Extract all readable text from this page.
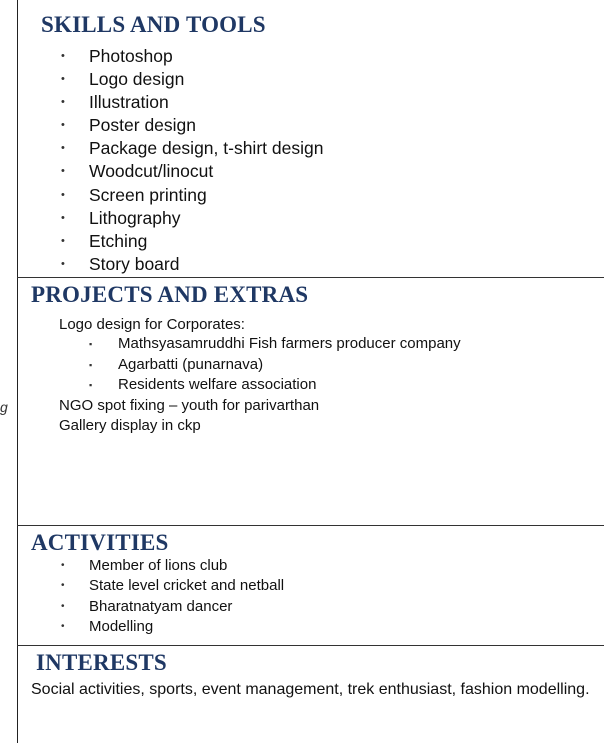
g
SKILLS AND TOOLS
• Photoshop
• Logo design
• Illustration
• Poster design
• Package design, t-shirt design
• Woodcut/linocut
• Screen printing
• Lithography
• Etching
• Story board
PROJECTS AND EXTRAS

Logo design for Corporates:

▪ Mathsyasamruddhi Fish farmers producer company
▪ Agarbatti (punarnava)
▪ Residents welfare association

NGO spot fixing – youth for parivarthan

Gallery display in ckp

ACTIVITIES
• Member of lions club
• State level cricket and netball
• Bharatnatyam dancer
• Modelling
INTERESTS

Social activities, sports, event management, trek enthusiast, fashion modelling.
